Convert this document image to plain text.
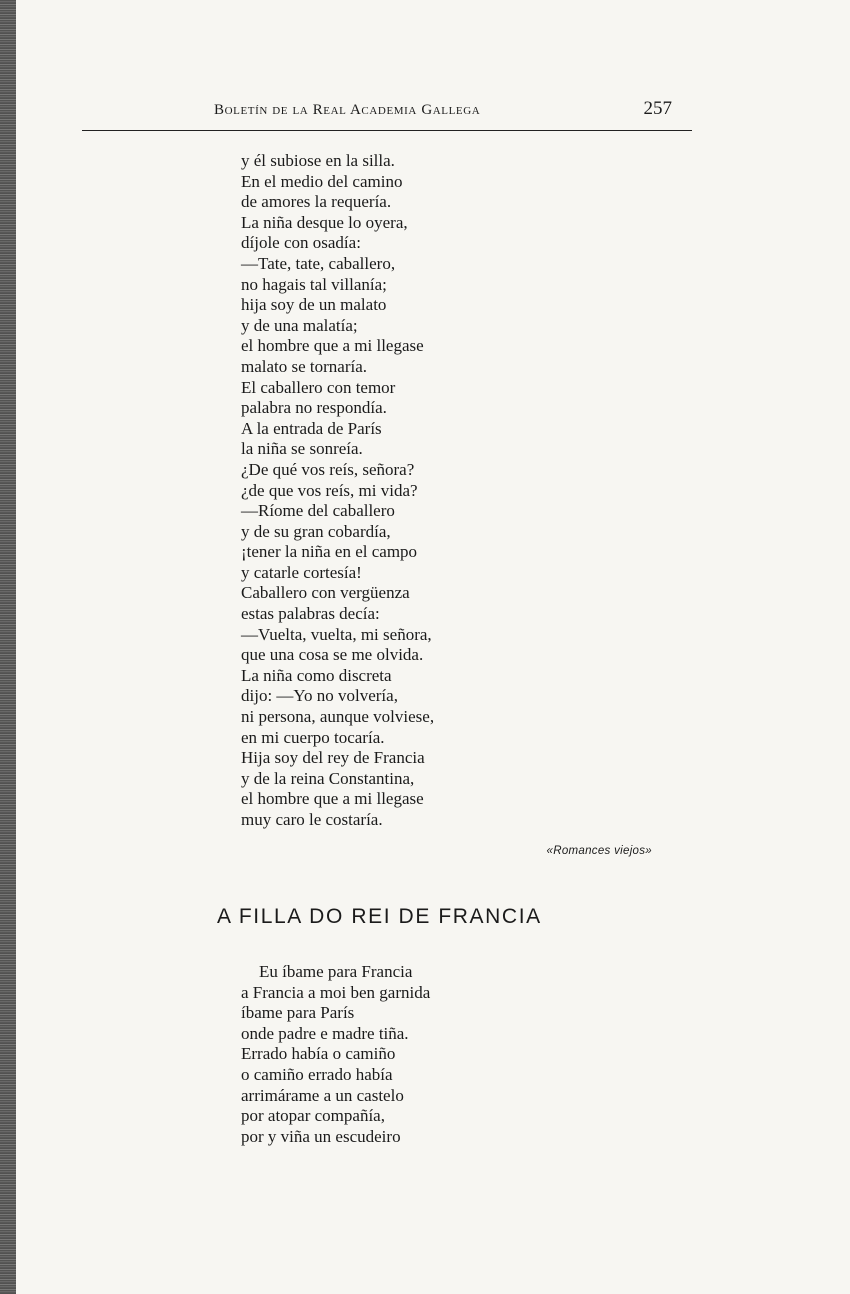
Boletín de la Real Academia Gallega	257
y él subiose en la silla.
En el medio del camino
de amores la requería.
La niña desque lo oyera,
díjole con osadía:
—Tate, tate, caballero,
no hagais tal villanía;
hija soy de un malato
y de una malatía;
el hombre que a mi llegase
malato se tornaría.
El caballero con temor
palabra no respondía.
A la entrada de París
la niña se sonreía.
¿De qué vos reís, señora?
¿de que vos reís, mi vida?
—Ríome del caballero
y de su gran cobardía,
¡tener la niña en el campo
y catarle cortesía!
Caballero con vergüenza
estas palabras decía:
—Vuelta, vuelta, mi señora,
que una cosa se me olvida.
La niña como discreta
dijo: —Yo no volvería,
ni persona, aunque volviese,
en mi cuerpo tocaría.
Hija soy del rey de Francia
y de la reina Constantina,
el hombre que a mi llegase
muy caro le costaría.
«Romances viejos»
A FILLA DO REI DE FRANCIA
Eu íbame para Francia
a Francia a moi ben garnida
íbame para París
onde padre e madre tiña.
Errado había o camiño
o camiño errado había
arrimárame a un castelo
por atopar compañía,
por y viña un escudeiro
